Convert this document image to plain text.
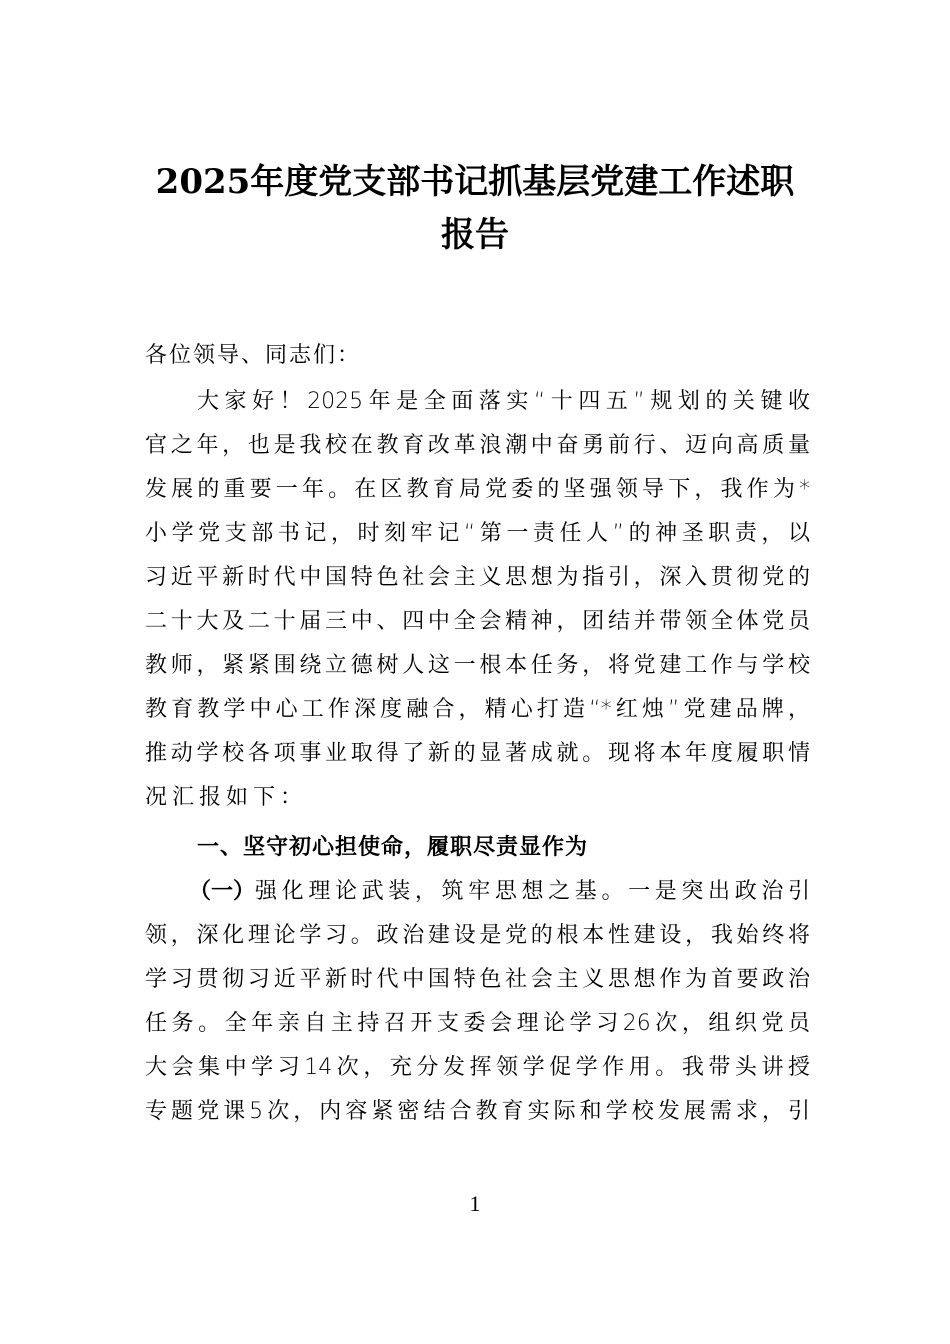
2025年度党支部书记抓基层党建工作述职
报告
各位领导、同志们：
大家好！2025年是全面落实“十四五”规划的关键收
官之年，也是我校在教育改革浪潮中奋勇前行、迈向高质量
发展的重要一年。在区教育局党委的坚强领导下，我作为*
小学党支部书记，时刻牢记“第一责任人”的神圣职责，以
习近平新时代中国特色社会主义思想为指引，深入贯彻党的
二十大及二十届三中、四中全会精神，团结并带领全体党员
教师，紧紧围绕立德树人这一根本任务，将党建工作与学校
教育教学中心工作深度融合，精心打造“*红烛”党建品牌，
推动学校各项事业取得了新的显著成就。现将本年度履职情
况汇报如下：
一、坚守初心担使命，履职尽责显作为
（一） 强化理论武装，筑牢思想之基。一是突出政治引
领，深化理论学习。政治建设是党的根本性建设，我始终将
学习贯彻习近平新时代中国特色社会主义思想作为首要政治
任务。全年亲自主持召开支委会理论学习26次，组织党员
大会集中学习14次，充分发挥领学促学作用。我带头讲授
专题党课5次，内容紧密结合教育实际和学校发展需求，引
1
